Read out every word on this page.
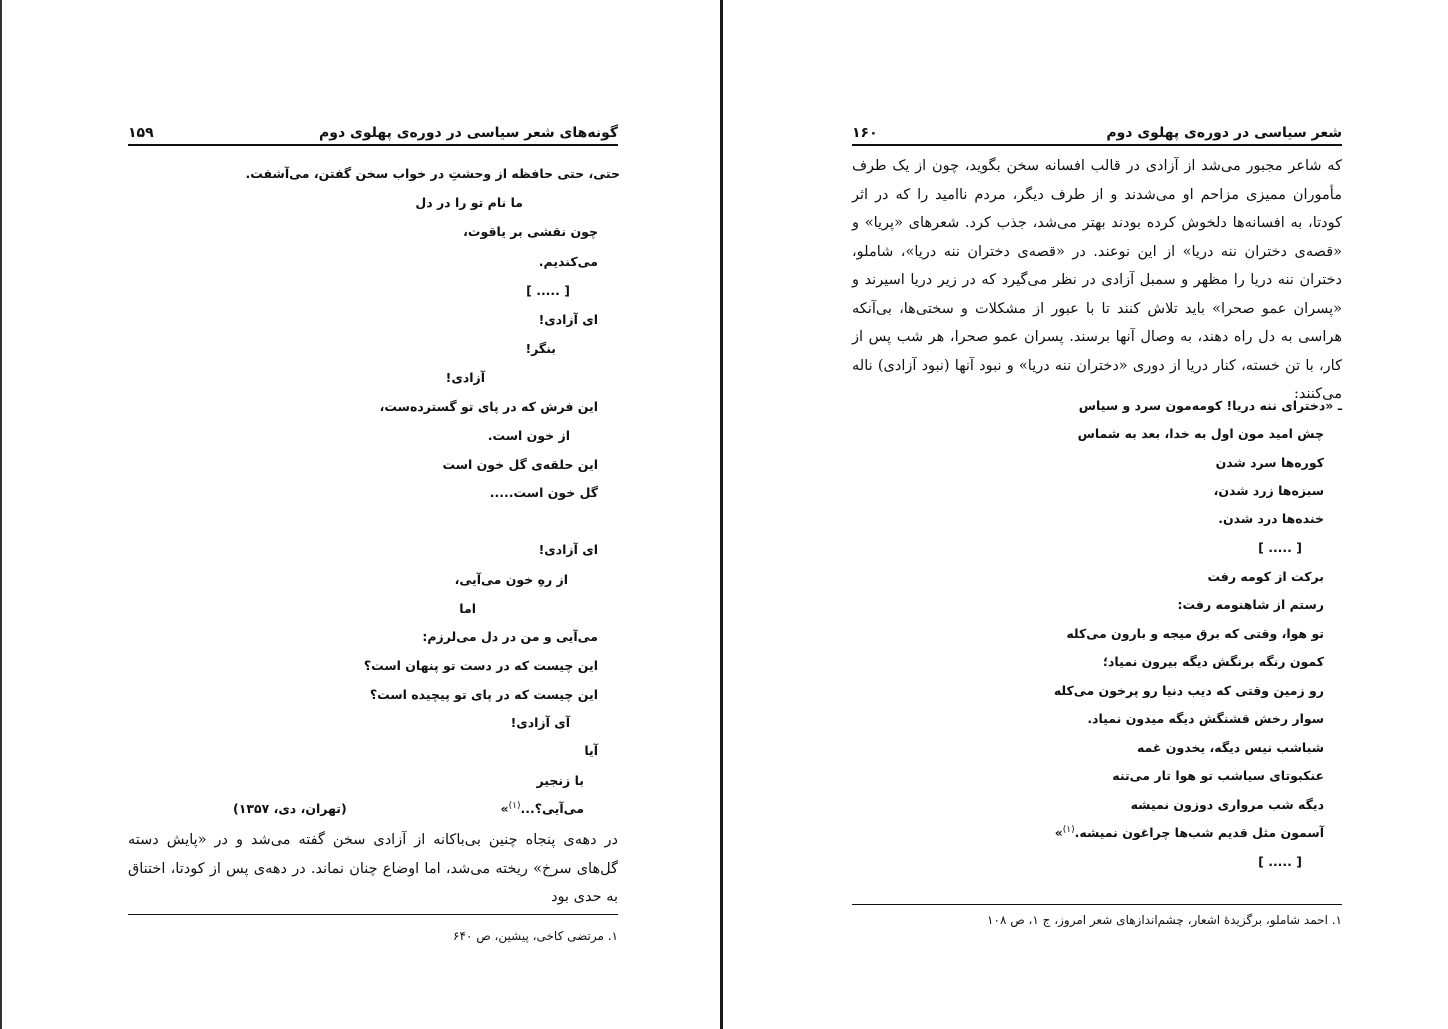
گونه‌های شعر سیاسی در دوره‌ی پهلوی دوم
۱۵۹
حتی، حتی حافظه از وحشتِ در خواب سخن گفتن، می‌آشفت.
ما نام تو را در دل
چون نقشی بر یاقوت،
می‌کندیم.
[ ..... ]
ای آزادی!
بنگر!
آزادی!
این فرش که در پای تو گسترده‌ست،
از خون است.
این حلقه‌ی گل خون است
گل خون است.....
ای آزادی!
از رهِ خون می‌آیی،
اما
می‌آیی و من در دل می‌لرزم:
این چیست که در دست تو پنهان است؟
این چیست که در پای تو پیچیده است؟
آی آزادی!
آیا
با زنجیر
می‌آیی؟...$^{(۱)}$»
(تهران، دی، ۱۳۵۷)

در دهه‌ی پنجاه چنین بی‌باکانه از آزادی سخن گفته می‌شد و در «پایش دسته گل‌های سرخ» ریخته می‌شد، اما اوضاع چنان نماند. در دهه‌ی پس از کودتا، اختناق به حدی بود

۱. مرتضی کاخی، پیشین، ص ۶۴۰
شعر سیاسی در دوره‌ی پهلوی دوم
۱۶۰

که شاعر مجبور می‌شد از آزادی در قالب افسانه سخن بگوید، چون از یک طرف مأموران ممیزی مزاحم او می‌شدند و از طرف دیگر، مردم ناامید را که در اثر کودتا، به افسانه‌ها دلخوش کرده بودند بهتر می‌شد، جذب کرد. شعرهای «پریا» و «قصه‌ی دختران ننه دریا» از این نوعند. در «قصه‌ی دختران ننه دریا»، شاملو، دختران ننه دریا را مظهر و سمبل آزادی در نظر می‌گیرد که در زیر دریا اسیرند و «پسران عمو صحرا» باید تلاش کنند تا با عبور از مشکلات و سختی‌ها، بی‌آنکه هراسی به دل راه دهند، به وصال آنها برسند. پسران عمو صحرا، هر شب پس از کار، با تن خسته، کنار دریا از دوری «دختران ننه دریا» و نبود آنها (نبود آزادی) ناله می‌کنند:

ـ «دخترای ننه دریا! کومه‌مون سرد و سیاس
چش امید مون اول به خدا، بعد به شماس
کوره‌ها سرد شدن
سبزه‌ها زرد شدن،
خنده‌ها درد شدن.
[ ..... ]
برکت از کومه رفت
رستم از شاهنومه رفت:
تو هوا، وقتی که برق میجه و بارون می‌کله
کمون رنگه برنگش دیگه بیرون نمیاد؛
رو زمین وقتی که دیب دنیا رو پرخون می‌کله
سوار رخش قشنگش دیگه میدون نمیاد.
شباشب نیس دیگه، یخدون غمه
عنکبوتای سیاشب تو هوا تار می‌تنه
دیگه شب مرواری دوزون نمیشه
آسمون مثل قدیم شب‌ها چراغون نمیشه.$^{(۱)}$»
[ ..... ]
۱. احمد شاملو، برگزیدهٔ اشعار، چشم‌اندازهای شعر امروز، ج ۱، ص ۱۰۸
